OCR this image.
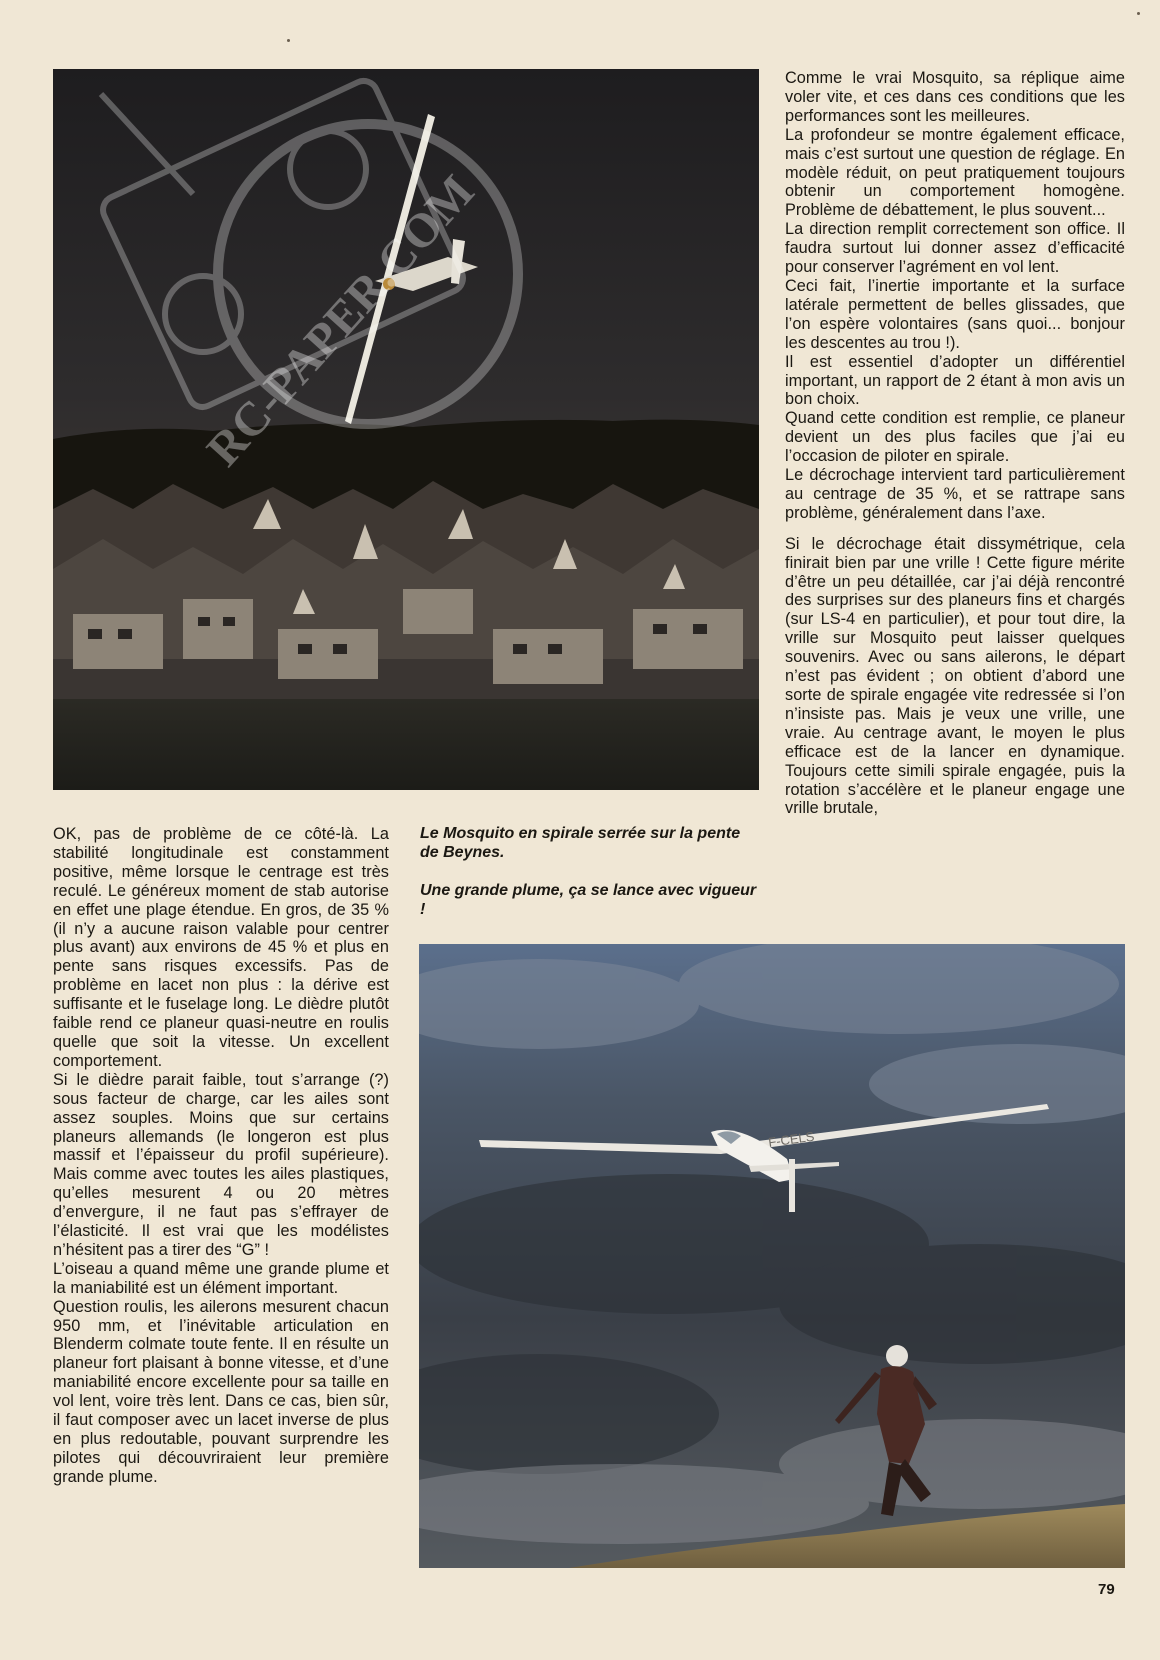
RC-PAPER.COM

Comme le vrai Mosquito, sa réplique aime voler vite, et ces dans ces conditions que les performances sont les meilleures.

La profondeur se montre également efficace, mais c’est surtout une question de réglage. En modèle réduit, on peut pratiquement toujours obtenir un comportement homogène. Problème de débattement, le plus souvent...

La direction remplit correctement son office. Il faudra surtout lui donner assez d’efficacité pour conserver l’agrément en vol lent.

Ceci fait, l’inertie importante et la surface latérale permettent de belles glissades, que l’on espère volontaires (sans quoi... bonjour les descentes au trou !).

Il est essentiel d’adopter un différentiel important, un rapport de 2 étant à mon avis un bon choix.

Quand cette condition est remplie, ce planeur devient un des plus faciles que j’ai eu l’occasion de piloter en spirale.

Le décrochage intervient tard particulièrement au centrage de 35 %, et se rattrape sans problème, généralement dans l’axe.

Si le décrochage était dissymétrique, cela finirait bien par une vrille ! Cette figure mérite d’être un peu détaillée, car j’ai déjà rencontré des surprises sur des planeurs fins et chargés (sur LS-4 en particulier), et pour tout dire, la vrille sur Mosquito peut laisser quelques souvenirs. Avec ou sans ailerons, le départ n’est pas évident ; on obtient d’abord une sorte de spirale engagée vite redressée si l’on n’insiste pas. Mais je veux une vrille, une vraie. Au centrage avant, le moyen le plus efficace est de la lancer en dynamique. Toujours cette simili spirale engagée, puis la rotation s’accélère et le planeur engage une vrille brutale,

OK, pas de problème de ce côté-là. La stabilité longitudinale est constamment positive, même lorsque le centrage est très reculé. Le généreux moment de stab autorise en effet une plage étendue. En gros, de 35 % (il n’y a aucune raison valable pour centrer plus avant) aux environs de 45 % et plus en pente sans risques excessifs. Pas de problème en lacet non plus : la dérive est suffisante et le fuselage long. Le dièdre plutôt faible rend ce planeur quasi-neutre en roulis quelle que soit la vitesse. Un excellent comportement.

Si le dièdre parait faible, tout s’arrange (?) sous facteur de charge, car les ailes sont assez souples. Moins que sur certains planeurs allemands (le longeron est plus massif et l’épaisseur du profil supérieure). Mais comme avec toutes les ailes plastiques, qu’elles mesurent 4 ou 20 mètres d’envergure, il ne faut pas s’effrayer de l’élasticité. Il est vrai que les modélistes n’hésitent pas a tirer des “G” !

L’oiseau a quand même une grande plume et la maniabilité est un élément important.

Question roulis, les ailerons mesurent chacun 950 mm, et l’inévitable articulation en Blenderm colmate toute fente. Il en résulte un planeur fort plaisant à bonne vitesse, et d’une maniabilité encore excellente pour sa taille en vol lent, voire très lent. Dans ce cas, bien sûr, il faut composer avec un lacet inverse de plus en plus redoutable, pouvant surprendre les pilotes qui découvriraient leur première grande plume.

Le Mosquito en spirale serrée sur la pente de Beynes.

Une grande plume, ça se lance avec vigueur !

F-CELS
79
